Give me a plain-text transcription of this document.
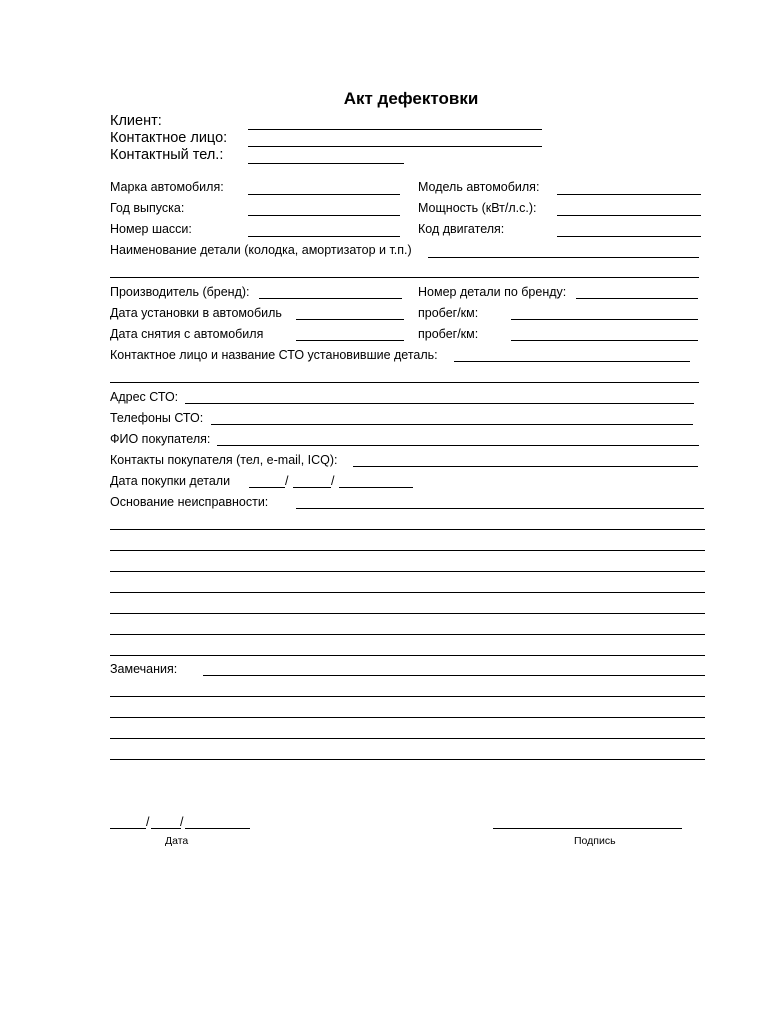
Акт дефектовки
Клиент:
Контактное лицо:
Контактный тел.:
Марка автомобиля:	Модель автомобиля:
Год выпуска:	Мощность (кВт/л.с.):
Номер шасси:	Код двигателя:
Наименование детали (колодка, амортизатор и т.п.)
Производитель (бренд):	Номер детали по бренду:
Дата установки в автомобиль	пробег/км:
Дата снятия с автомобиля	пробег/км:
Контактное лицо и название СТО установившие деталь:
Адрес СТО:
Телефоны СТО:
ФИО покупателя:
Контакты покупателя (тел, e-mail, ICQ):
Дата покупки детали	/	/
Основание неисправности:
Замечания:
/ /
Дата	Подпись
